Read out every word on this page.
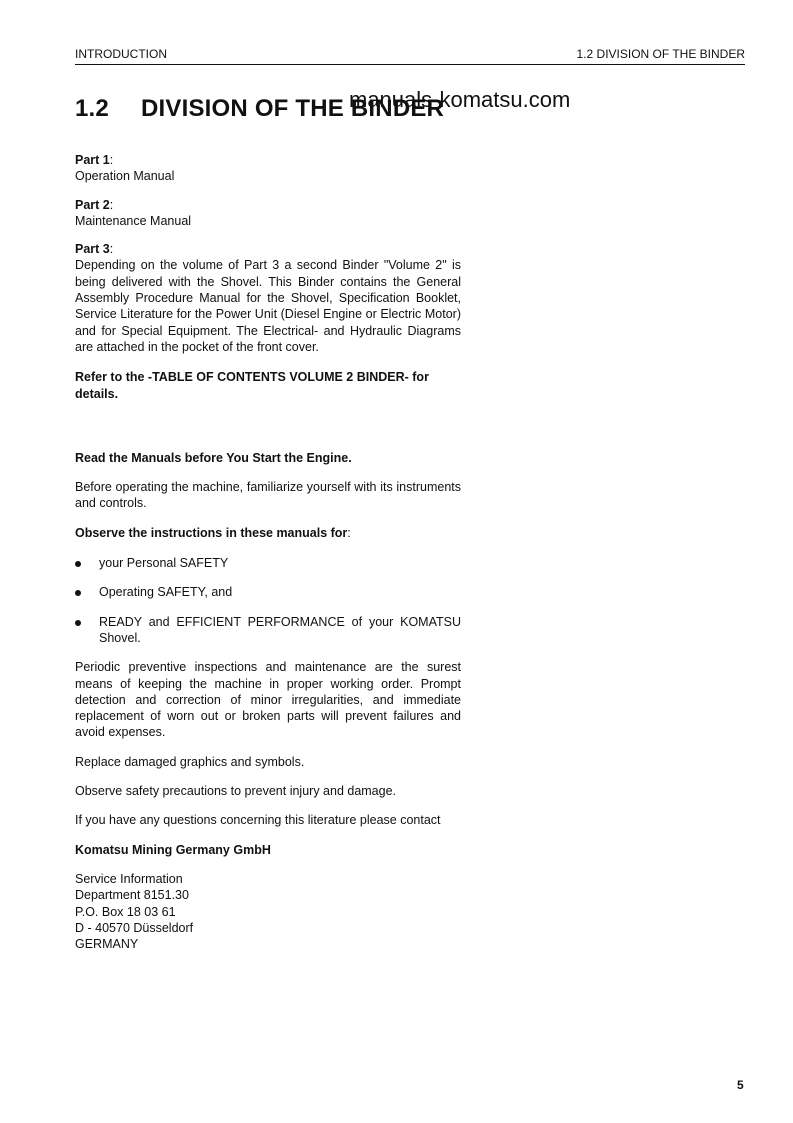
INTRODUCTION	1.2 DIVISION OF THE BINDER
1.2 DIVISION OF THE BINDER
manuals-komatsu.com

Part 1:
Operation Manual

Part 2:
Maintenance Manual

Part 3:
Depending on the volume of Part 3 a second Binder "Volume 2" is being delivered with the Shovel. This Binder contains the General Assembly Procedure Manual for the Shovel, Specification Booklet, Service Literature for the Power Unit (Diesel Engine or Electric Motor) and for Special Equipment. The Electrical- and Hydraulic Diagrams are attached in the pocket of the front cover.

Refer to the -TABLE OF CONTENTS VOLUME 2 BINDER- for details.

Read the Manuals before You Start the Engine.

Before operating the machine, familiarize yourself with its instruments and controls.

Observe the instructions in these manuals for:

your Personal SAFETY
Operating SAFETY, and
READY and EFFICIENT PERFORMANCE of your KOMATSU Shovel.

Periodic preventive inspections and maintenance are the surest means of keeping the machine in proper working order. Prompt detection and correction of minor irregularities, and immediate replacement of worn out or broken parts will prevent failures and avoid expenses.

Replace damaged graphics and symbols.

Observe safety precautions to prevent injury and damage.

If you have any questions concerning this literature please contact

Komatsu Mining Germany GmbH

Service Information
Department 8151.30
P.O. Box 18 03 61
D - 40570 Düsseldorf
GERMANY
5
